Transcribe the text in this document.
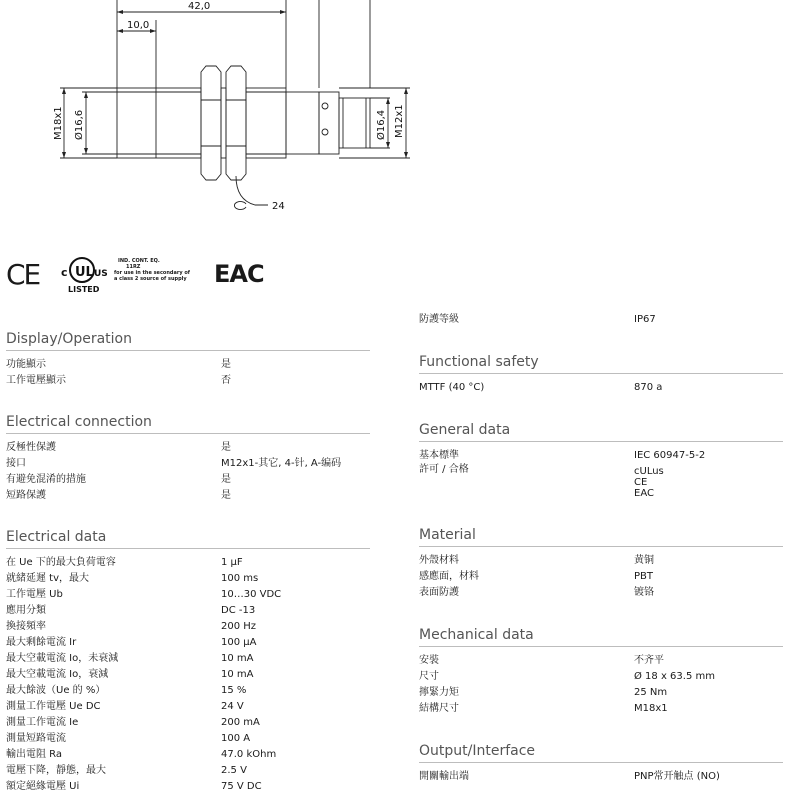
42,0
10,0
M18x1 Ø16,6	M12x1
Ø16,4
24
CE	UL
c	US
LISTED
IND. CONT. EQ.
11RZ
for use in the secondary of
a class 2 source of supply EAC
Display/Operation
功能顯示	是
工作電壓顯示	否
Electrical connection
反極性保護	是
接口	M12x1-其它, 4-针, A-编码
有避免混淆的措施	是
短路保護	是
Electrical data
在 Ue 下的最大負荷電容	1 µF
就緒延遲 tv，最大	100 ms
工作電壓 Ub	10…30 VDC
應用分類	DC -13
換接頻率	200 Hz
最大剩餘電流 Ir	100 µA
最大空載電流 Io，未衰減	10 mA
最大空載電流 Io，衰減	10 mA
最大餘波（Ue 的 %）	15 %
測量工作電壓 Ue DC	24 V
測量工作電流 Ie	200 mA
測量短路電流	100 A
輸出電阻 Ra	47.0 kOhm
電壓下降，靜態，最大	2.5 V
額定絕緣電壓 Ui	75 V DC
防護等級	IP67
Functional safety
MTTF (40 °C)	870 a
General data
基本標準	IEC 60947-5-2
許可 / 合格	cULus
CE
EAC
Material
外殼材料	黄铜
感應面，材料	PBT
表面防護	镀铬
Mechanical data
安裝	不齐平
尺寸	Ø 18 x 63.5 mm
擰緊力矩	25 Nm
結構尺寸	M18x1
Output/Interface
開關輸出端	PNP常开触点 (NO)
